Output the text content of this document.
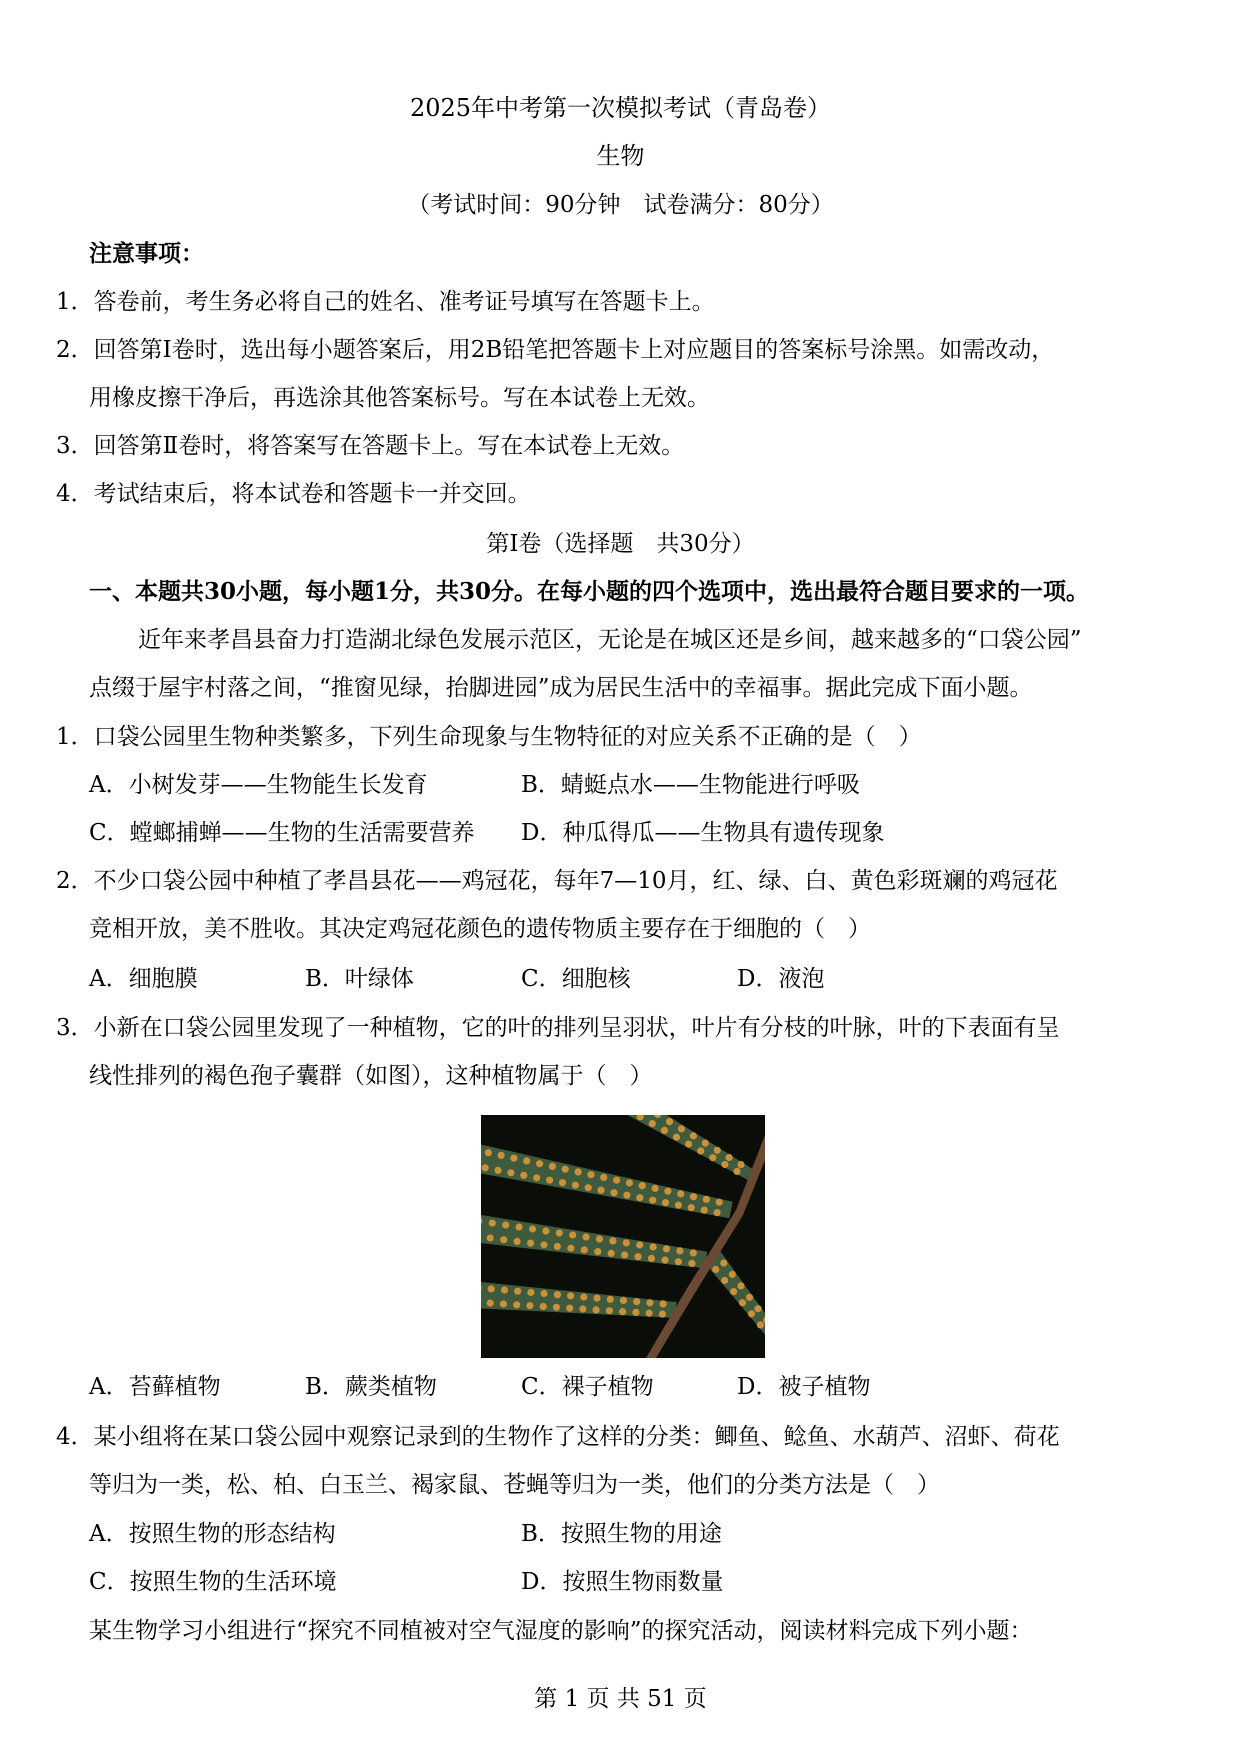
2025年中考第一次模拟考试（青岛卷）
生物
（考试时间：90分钟　试卷满分：80分）
注意事项：
1．答卷前，考生务必将自己的姓名、准考证号填写在答题卡上。
2．回答第Ⅰ卷时，选出每小题答案后，用2B铅笔把答题卡上对应题目的答案标号涂黑。如需改动，
用橡皮擦干净后，再选涂其他答案标号。写在本试卷上无效。
3．回答第Ⅱ卷时，将答案写在答题卡上。写在本试卷上无效。
4．考试结束后，将本试卷和答题卡一并交回。
第Ⅰ卷（选择题　共30分）
一、本题共30小题，每小题1分，共30分。在每小题的四个选项中，选出最符合题目要求的一项。
近年来孝昌县奋力打造湖北绿色发展示范区，无论是在城区还是乡间，越来越多的“口袋公园”
点缀于屋宇村落之间，“推窗见绿，抬脚进园”成为居民生活中的幸福事。据此完成下面小题。
1．口袋公园里生物种类繁多，下列生命现象与生物特征的对应关系不正确的是（　）
A．小树发芽——生物能生长发育	B．蜻蜓点水——生物能进行呼吸
C．螳螂捕蝉——生物的生活需要营养 D．种瓜得瓜——生物具有遗传现象
2．不少口袋公园中种植了孝昌县花——鸡冠花，每年7—10月，红、绿、白、黄色彩斑斓的鸡冠花
竞相开放，美不胜收。其决定鸡冠花颜色的遗传物质主要存在于细胞的（　）
A．细胞膜	B．叶绿体	C．细胞核	D．液泡
3．小新在口袋公园里发现了一种植物，它的叶的排列呈羽状，叶片有分枝的叶脉，叶的下表面有呈
线性排列的褐色孢子囊群（如图），这种植物属于（　）
A．苔藓植物	B．蕨类植物	C．裸子植物	D．被子植物
4．某小组将在某口袋公园中观察记录到的生物作了这样的分类：鲫鱼、鲶鱼、水葫芦、沼虾、荷花
等归为一类，松、柏、白玉兰、褐家鼠、苍蝇等归为一类，他们的分类方法是（　）
A．按照生物的形态结构	B．按照生物的用途
C．按照生物的生活环境	D．按照生物雨数量
某生物学习小组进行“探究不同植被对空气湿度的影响”的探究活动，阅读材料完成下列小题：
第 1 页 共 51 页
